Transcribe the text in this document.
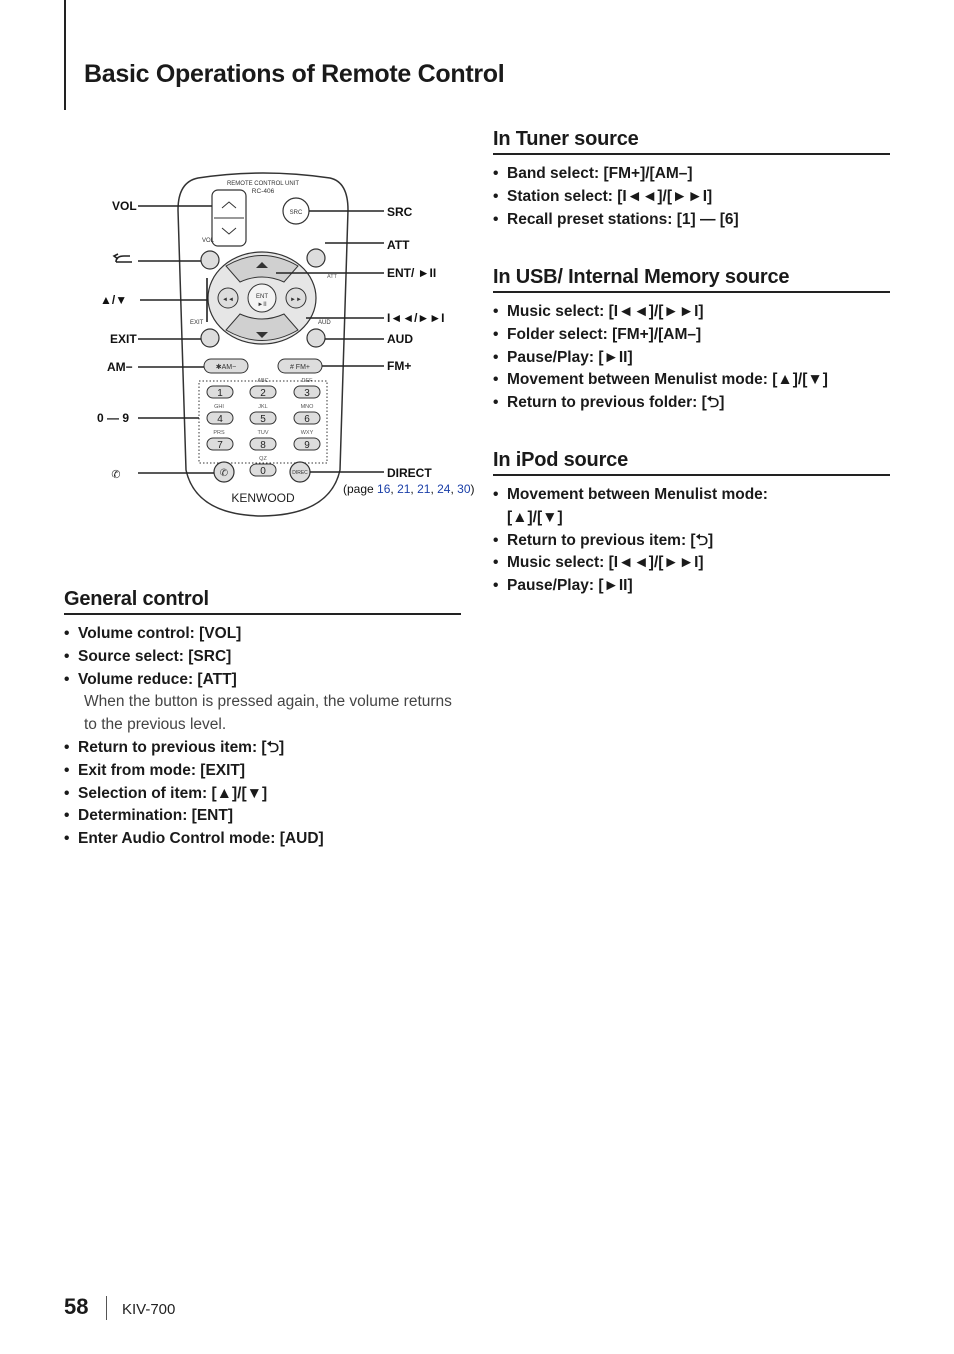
Basic Operations of Remote Control
REMOTE CONTROL UNIT
RC-406
VOL
SRC
ATT
ENT
►II
◄◄	►►
EXIT	AUD
✱AM−	# FM+
ABC	DEF
GHI	JKL	MNO
PRS	TUV	WXY
QZ
1	2	3
4	5	6
7	8	9
0
✆	DIREC
KENWOOD
✆
VOL
▲/▼
EXIT
AM−
0 — 9
SRC
ATT
ENT/ ►II
I◄◄/►►I
AUD
FM+
DIRECT
(page 16, 21, 21, 24, 30)
General control
• Volume control: [VOL]
• Source select: [SRC]
• Volume reduce: [ATT]
When the button is pressed again, the volume returns to the previous level.
• Return to previous item: [⮌]
• Exit from mode: [EXIT]
• Selection of item: [▲]/[▼]
• Determination: [ENT]
• Enter Audio Control mode: [AUD]
In Tuner source
• Band select: [FM+]/[AM–]
• Station select: [I◄◄]/[►►I]
• Recall preset stations: [1] — [6]
In USB/ Internal Memory source
• Music select: [I◄◄]/[►►I]
• Folder select: [FM+]/[AM–]
• Pause/Play: [►II]
• Movement between Menulist mode: [▲]/[▼]
• Return to previous folder: [⮌]
In iPod source
• Movement between Menulist mode:
[▲]/[▼]
• Return to previous item: [⮌]
• Music select: [I◄◄]/[►►I]
• Pause/Play: [►II]
58 KIV-700
